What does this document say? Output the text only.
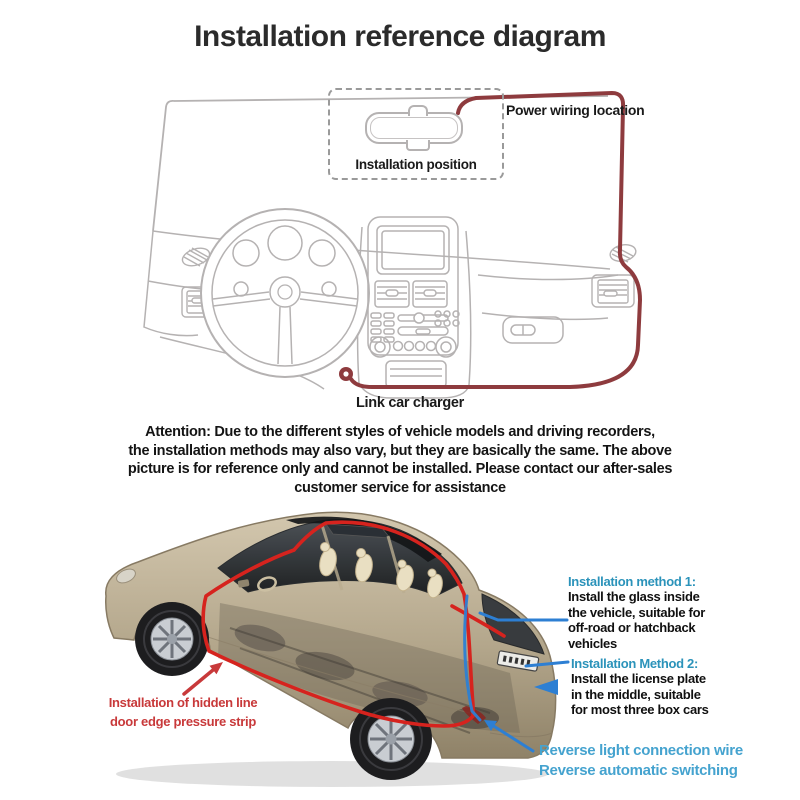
Installation reference diagram
Installation position
Power wiring location
Link car charger
Attention: Due to the different styles of vehicle models and driving recorders,
the installation methods may also vary, but they are basically the same. The above
picture is for reference only and cannot be installed. Please contact our after-sales
customer service for assistance
Installation method 1:
Install the glass inside
the vehicle, suitable for
off-road or hatchback
vehicles
Installation Method 2:
Install the license plate
in the middle, suitable
for most three box cars
Installation of hidden line
door edge pressure strip
Reverse light connection wire
Reverse automatic switching
